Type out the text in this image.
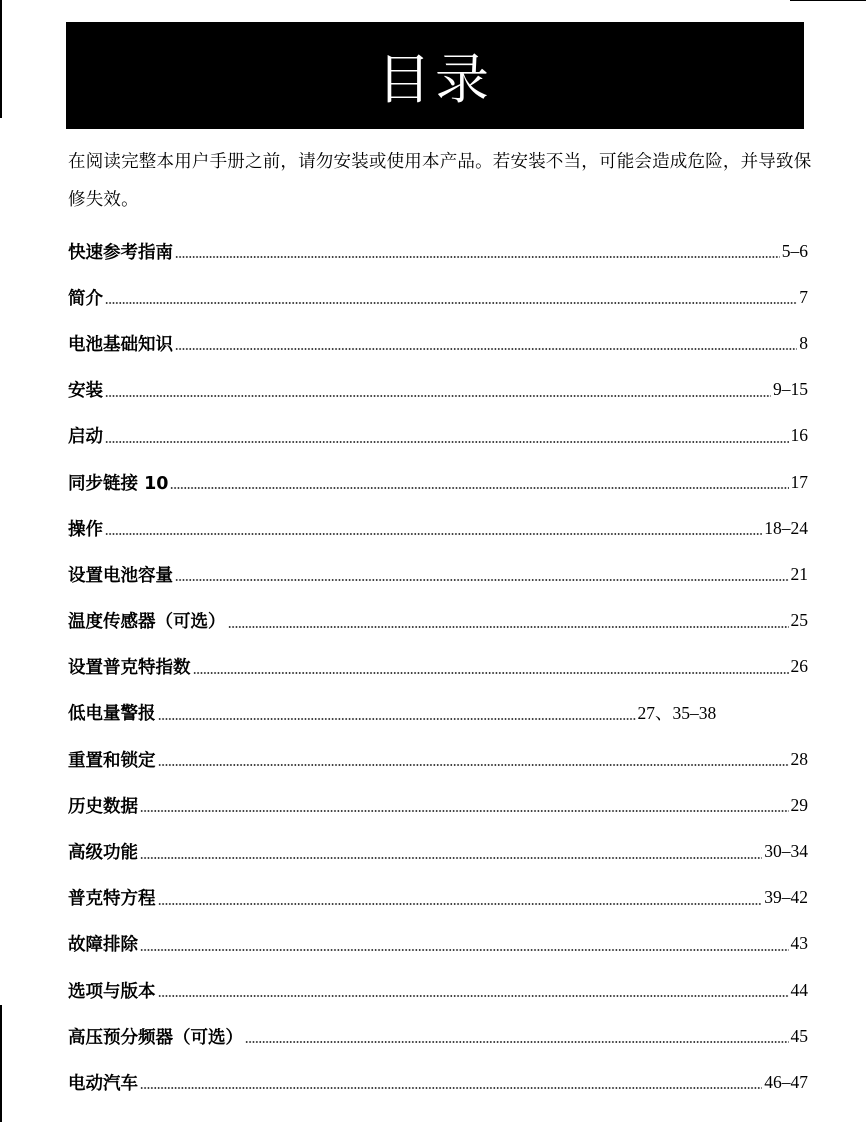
目录
在阅读完整本用户手册之前，请勿安装或使用本产品。若安装不当，可能会造成危险，并导致保修失效。
快速参考指南	5–6
简介	7
电池基础知识	8
安装	9–15
启动	16
同步链接 10	17
操作	18–24
设置电池容量	21
温度传感器（可选）	25
设置普克特指数	26
低电量警报	27、35–38
重置和锁定	28
历史数据	29
高级功能	30–34
普克特方程	39–42
故障排除	43
选项与版本	44
高压预分频器（可选）	45
电动汽车	46–47
